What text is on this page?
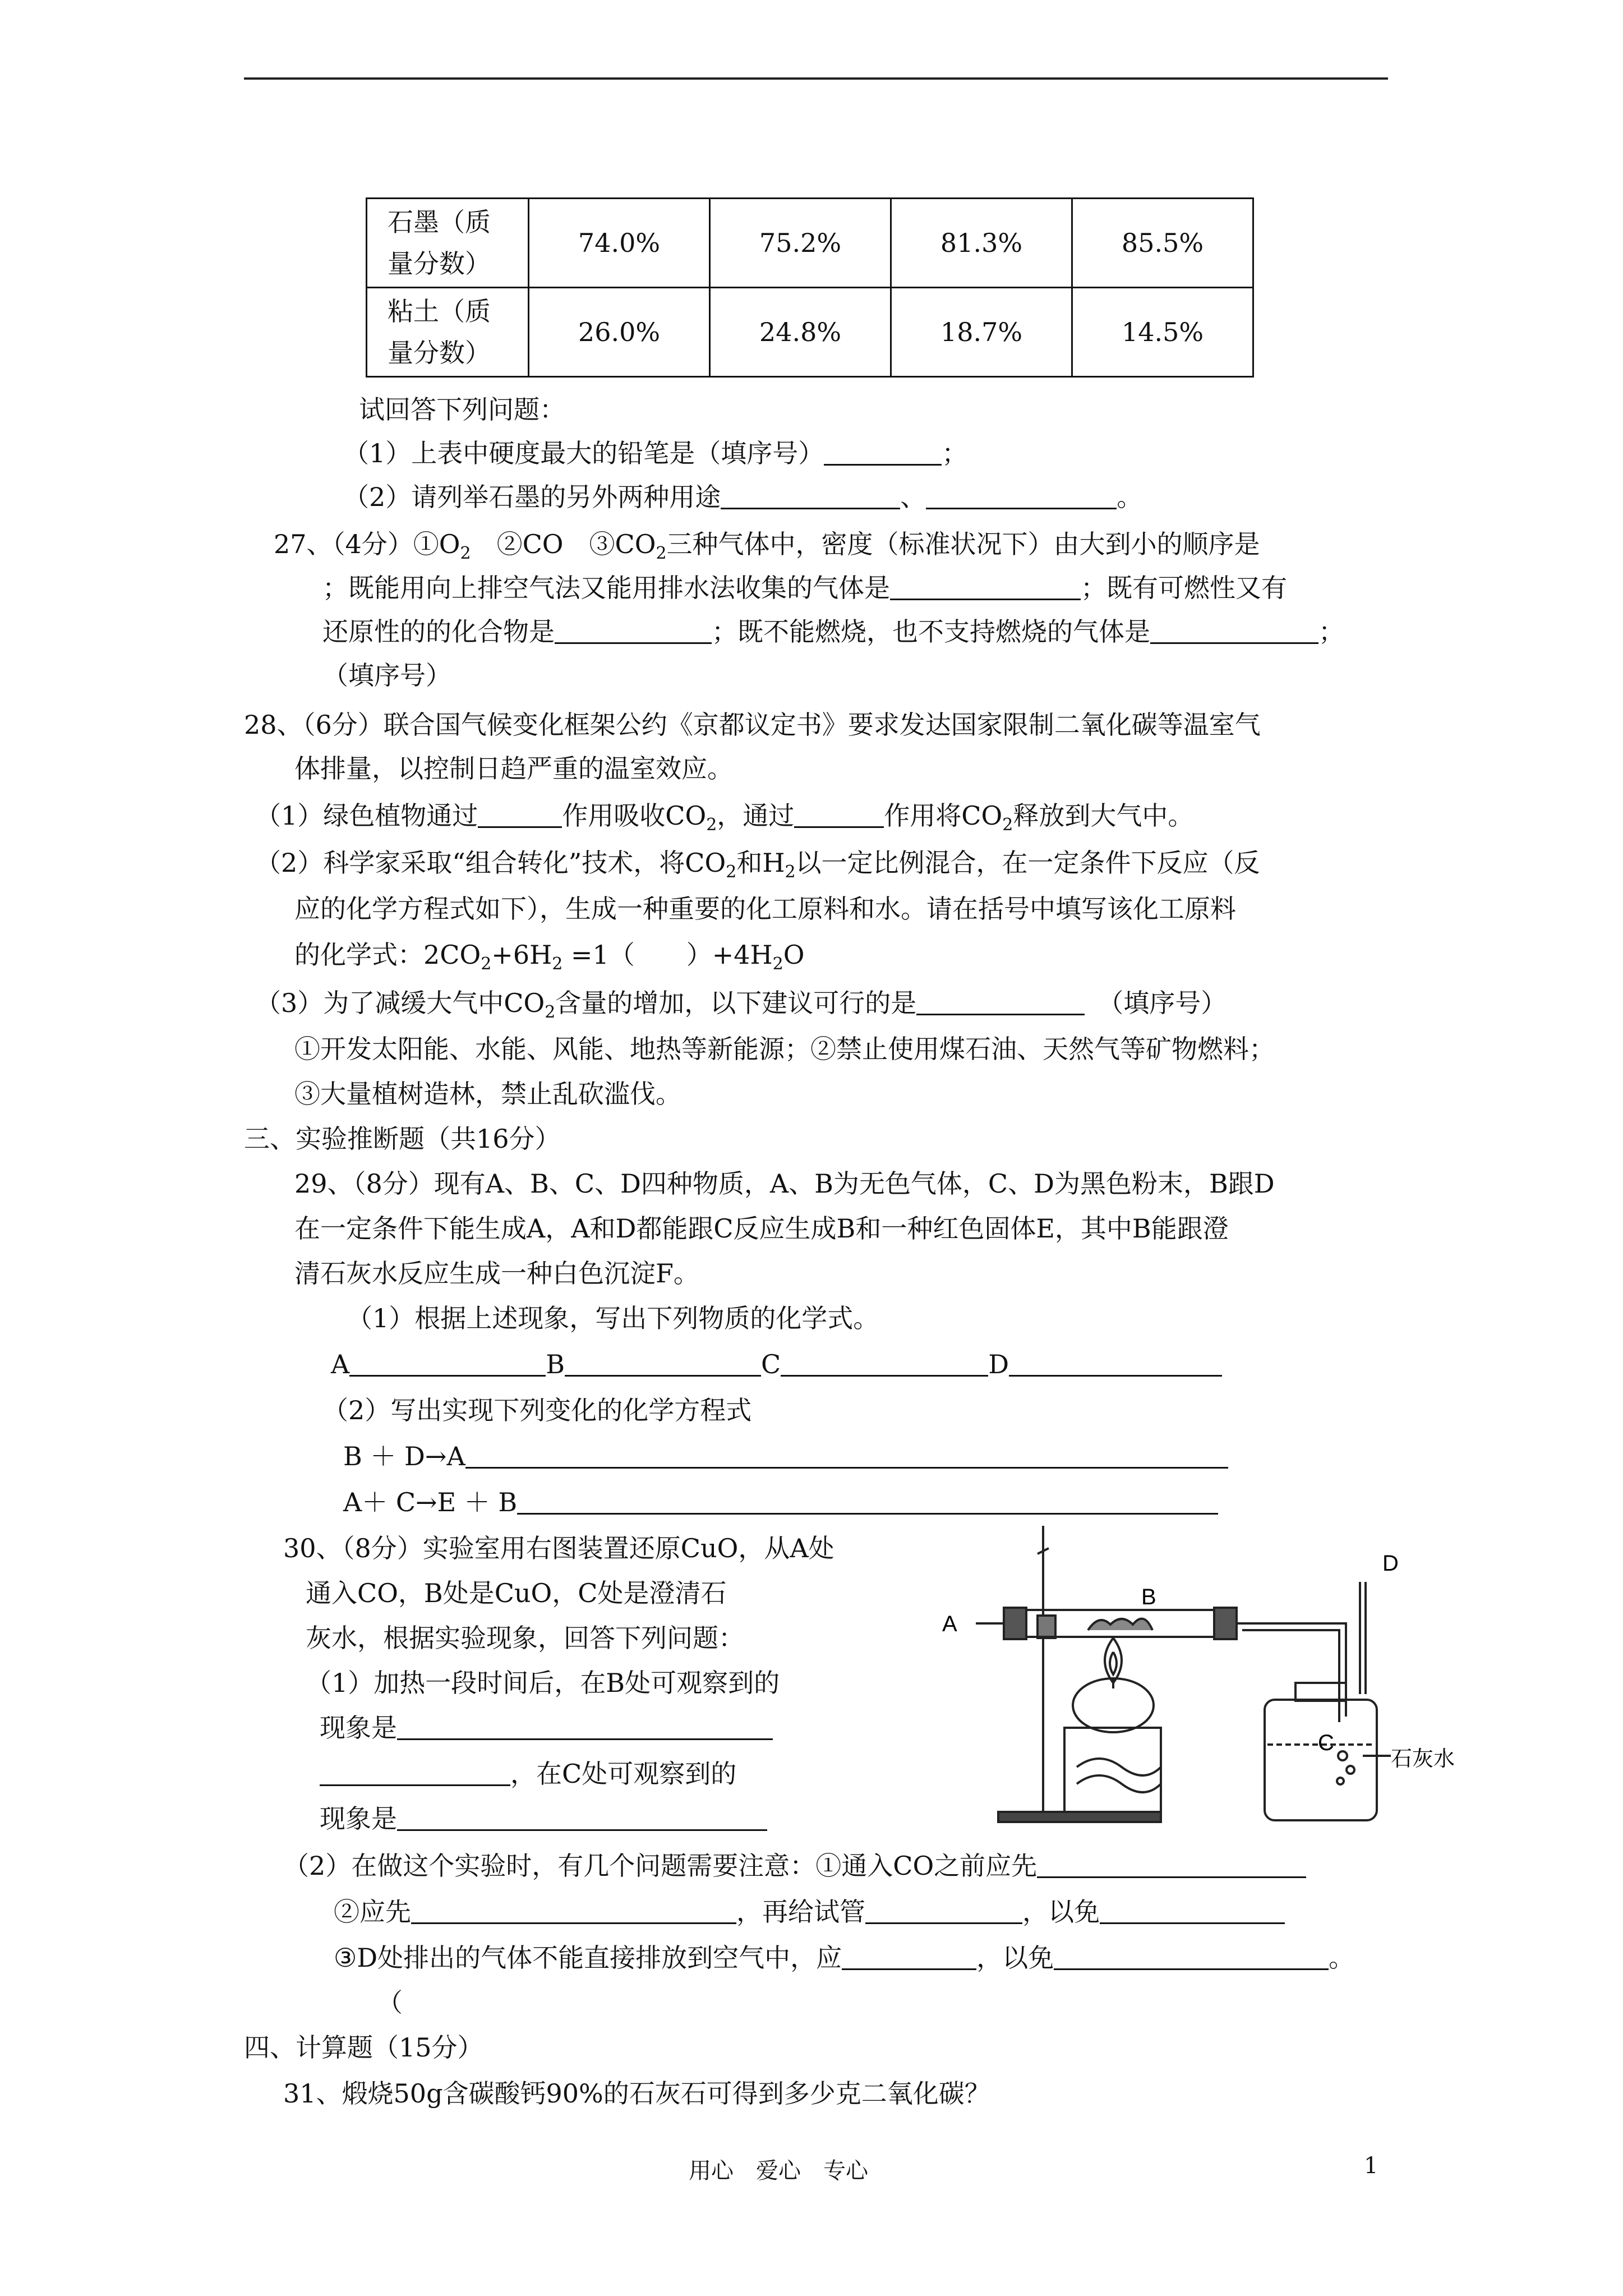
石墨（质
量分数）	74.0%	75.2%	81.3%	85.5%
粘土（质
量分数）	26.0%	24.8%	18.7%	14.5%
试回答下列问题：
（1）上表中硬度最大的铅笔是（填序号）	；
（2）请列举石墨的另外两种用途	、	。
27、（4分）$①O_2$　②CO　$③CO_2$三种气体中，密度（标准状况下）由大到小的顺序是
；既能用向上排空气法又能用排水法收集的气体是	；既有可燃性又有
还原性的的化合物是	；既不能燃烧，也不支持燃烧的气体是	；
（填序号）
28、（6分）联合国气候变化框架公约《京都议定书》要求发达国家限制二氧化碳等温室气
体排量，以控制日趋严重的温室效应。
（1）绿色植物通过	作用吸收$CO_2$，通过	作用将$CO_2$释放到大气中。
（2）科学家采取“组合转化”技术，将$CO_2$和$H_2$以一定比例混合，在一定条件下反应（反
应的化学方程式如下），生成一种重要的化工原料和水。请在括号中填写该化工原料
的化学式：$2CO_2+6H_2 =1$（　　）$+4H_2O$
（3）为了减缓大气中$CO_2$含量的增加，以下建议可行的是　	（填序号）
①开发太阳能、水能、风能、地热等新能源；②禁止使用煤石油、天然气等矿物燃料；
③大量植树造林，禁止乱砍滥伐。
三、实验推断题（共16分）
29、（8分）现有A、B、C、D四种物质，A、B为无色气体，C、D为黑色粉末，B跟D
在一定条件下能生成A，A和D都能跟C反应生成B和一种红色固体E，其中B能跟澄
清石灰水反应生成一种白色沉淀F。
（1）根据上述现象，写出下列物质的化学式。
A	B	C	D
（2）写出实现下列变化的化学方程式
B ＋ D→A
A＋ C→E ＋ B
30、（8分）实验室用右图装置还原CuO，从A处
通入CO，B处是CuO，C处是澄清石
灰水，根据实验现象，回答下列问题：
（1）加热一段时间后，在B处可观察到的
现象是
，在C处可观察到的
现象是
（2）在做这个实验时，有几个问题需要注意：①通入CO之前应先
②应先	，再给试管	，以免
③D处排出的气体不能直接排放到空气中，应	，以免	。
（
A
B
D
C
石灰水
四、计算题（15分）
31、煅烧50g含碳酸钙90%的石灰石可得到多少克二氧化碳？
用心　爱心　专心	1
